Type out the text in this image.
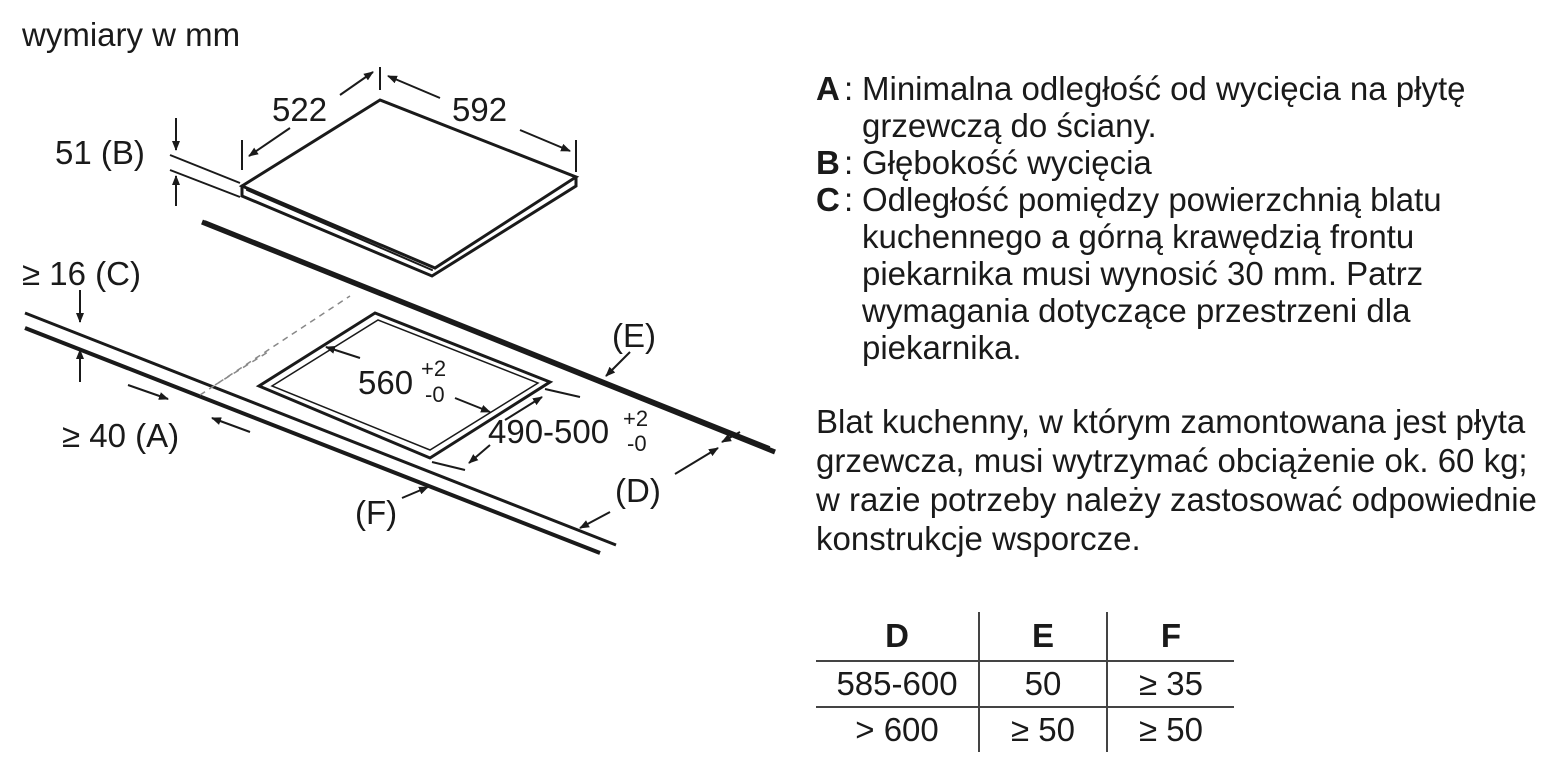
wymiary w mm
522	592
51 (B)
560 +2
-0
490-500 +2
-0
≥ 16 (C)
≥ 40 (A)
(E)
(D)
(F)
A : Minimalna odległość od wycięcia na płytę grzewczą do ściany.
B : Głębokość wycięcia
C : Odległość pomiędzy powierzchnią blatu kuchennego a górną krawędzią frontu piekarnika musi wynosić 30 mm. Patrz wymagania dotyczące przestrzeni dla piekarnika.
Blat kuchenny, w którym zamontowana jest płyta grzewcza, musi wytrzymać obciążenie ok. 60 kg; w razie potrzeby należy zastosować odpowiednie konstrukcje wsporcze.
D	E	F
585-600	50	≥ 35
> 600	≥ 50	≥ 50
